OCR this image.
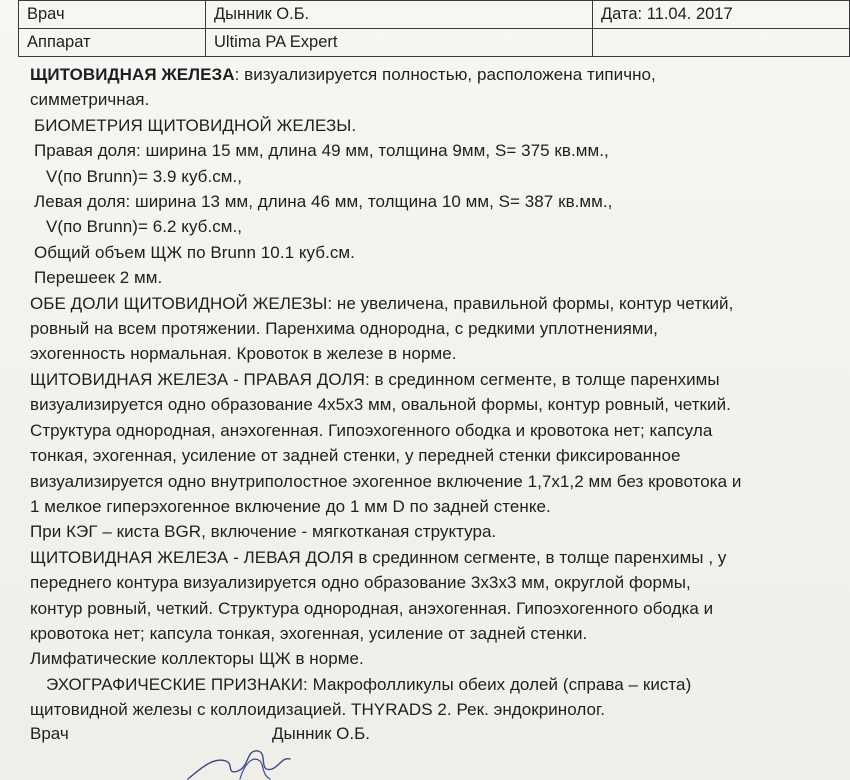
Врач	Дынник О.Б.	Дата: 11.04. 2017
Аппарат	Ultima PA Expert	

ЩИТОВИДНАЯ ЖЕЛЕЗА: визуализируется полностью, расположена типично,

симметричная.

БИОМЕТРИЯ ЩИТОВИДНОЙ ЖЕЛЕЗЫ.

Правая доля: ширина 15 мм, длина 49 мм, толщина 9мм, S= 375 кв.мм.,

V(по Brunn)= 3.9 куб.см.,

Левая доля: ширина 13 мм, длина 46 мм, толщина 10 мм, S= 387 кв.мм.,

V(по Brunn)= 6.2 куб.см.,

Общий объем ЩЖ по Brunn 10.1 куб.см.

Перешеек 2 мм.

ОБЕ ДОЛИ ЩИТОВИДНОЙ ЖЕЛЕЗЫ: не увеличена, правильной формы, контур четкий,

ровный на всем протяжении. Паренхима однородна, с редкими уплотнениями,

эхогенность нормальная. Кровоток в железе в норме.

ЩИТОВИДНАЯ ЖЕЛЕЗА - ПРАВАЯ ДОЛЯ: в срединном сегменте, в толще паренхимы

визуализируется одно образование 4х5х3 мм, овальной формы, контур ровный, четкий.

Структура однородная, анэхогенная. Гипоэхогенного ободка и кровотока нет; капсула

тонкая, эхогенная, усиление от задней стенки, у передней стенки фиксированное

визуализируется одно внутриполостное эхогенное включение 1,7х1,2 мм без кровотока и

1 мелкое гиперэхогенное включение до 1 мм D по задней стенке.

При КЭГ – киста BGR, включение - мягкотканая структура.

ЩИТОВИДНАЯ ЖЕЛЕЗА - ЛЕВАЯ ДОЛЯ в срединном сегменте, в толще паренхимы , у

переднего контура визуализируется одно образование 3х3х3 мм, округлой формы,

контур ровный, четкий. Структура однородная, анэхогенная. Гипоэхогенного ободка и

кровотока нет; капсула тонкая, эхогенная, усиление от задней стенки.

Лимфатические коллекторы ЩЖ в норме.

ЭХОГРАФИЧЕСКИЕ ПРИЗНАКИ: Макрофолликулы обеих долей (справа – киста)

щитовидной железы с коллоидизацией. THYRADS 2. Рек. эндокринолог.

Врач	Дынник О.Б.
